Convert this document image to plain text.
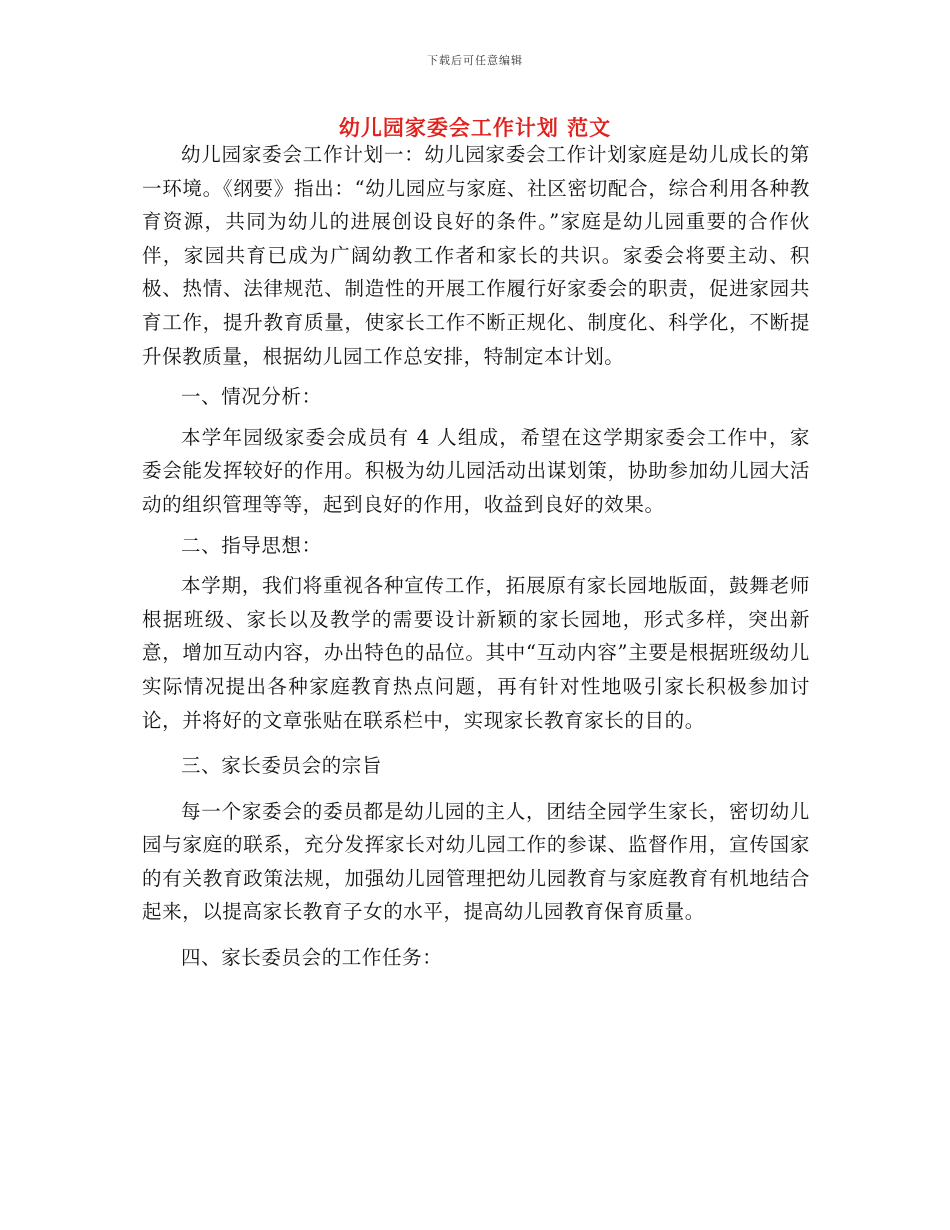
下载后可任意编辑
幼儿园家委会工作计划 范文

幼儿园家委会工作计划一：幼儿园家委会工作计划家庭是幼儿成长的第一环境。《纲要》指出：“幼儿园应与家庭、社区密切配合，综合利用各种教育资源，共同为幼儿的进展创设良好的条件。”家庭是幼儿园重要的合作伙伴，家园共育已成为广阔幼教工作者和家长的共识。家委会将要主动、积极、热情、法律规范、制造性的开展工作履行好家委会的职责，促进家园共育工作，提升教育质量，使家长工作不断正规化、制度化、科学化，不断提升保教质量，根据幼儿园工作总安排，特制定本计划。

一、情况分析：

本学年园级家委会成员有 4 人组成，希望在这学期家委会工作中，家委会能发挥较好的作用。积极为幼儿园活动出谋划策，协助参加幼儿园大活动的组织管理等等，起到良好的作用，收益到良好的效果。

二、指导思想：

本学期，我们将重视各种宣传工作，拓展原有家长园地版面，鼓舞老师根据班级、家长以及教学的需要设计新颖的家长园地，形式多样，突出新意，增加互动内容，办出特色的品位。其中“互动内容”主要是根据班级幼儿实际情况提出各种家庭教育热点问题，再有针对性地吸引家长积极参加讨论，并将好的文章张贴在联系栏中，实现家长教育家长的目的。

三、家长委员会的宗旨

每一个家委会的委员都是幼儿园的主人，团结全园学生家长，密切幼儿园与家庭的联系，充分发挥家长对幼儿园工作的参谋、监督作用，宣传国家的有关教育政策法规，加强幼儿园管理把幼儿园教育与家庭教育有机地结合起来，以提高家长教育子女的水平，提高幼儿园教育保育质量。

四、家长委员会的工作任务：
